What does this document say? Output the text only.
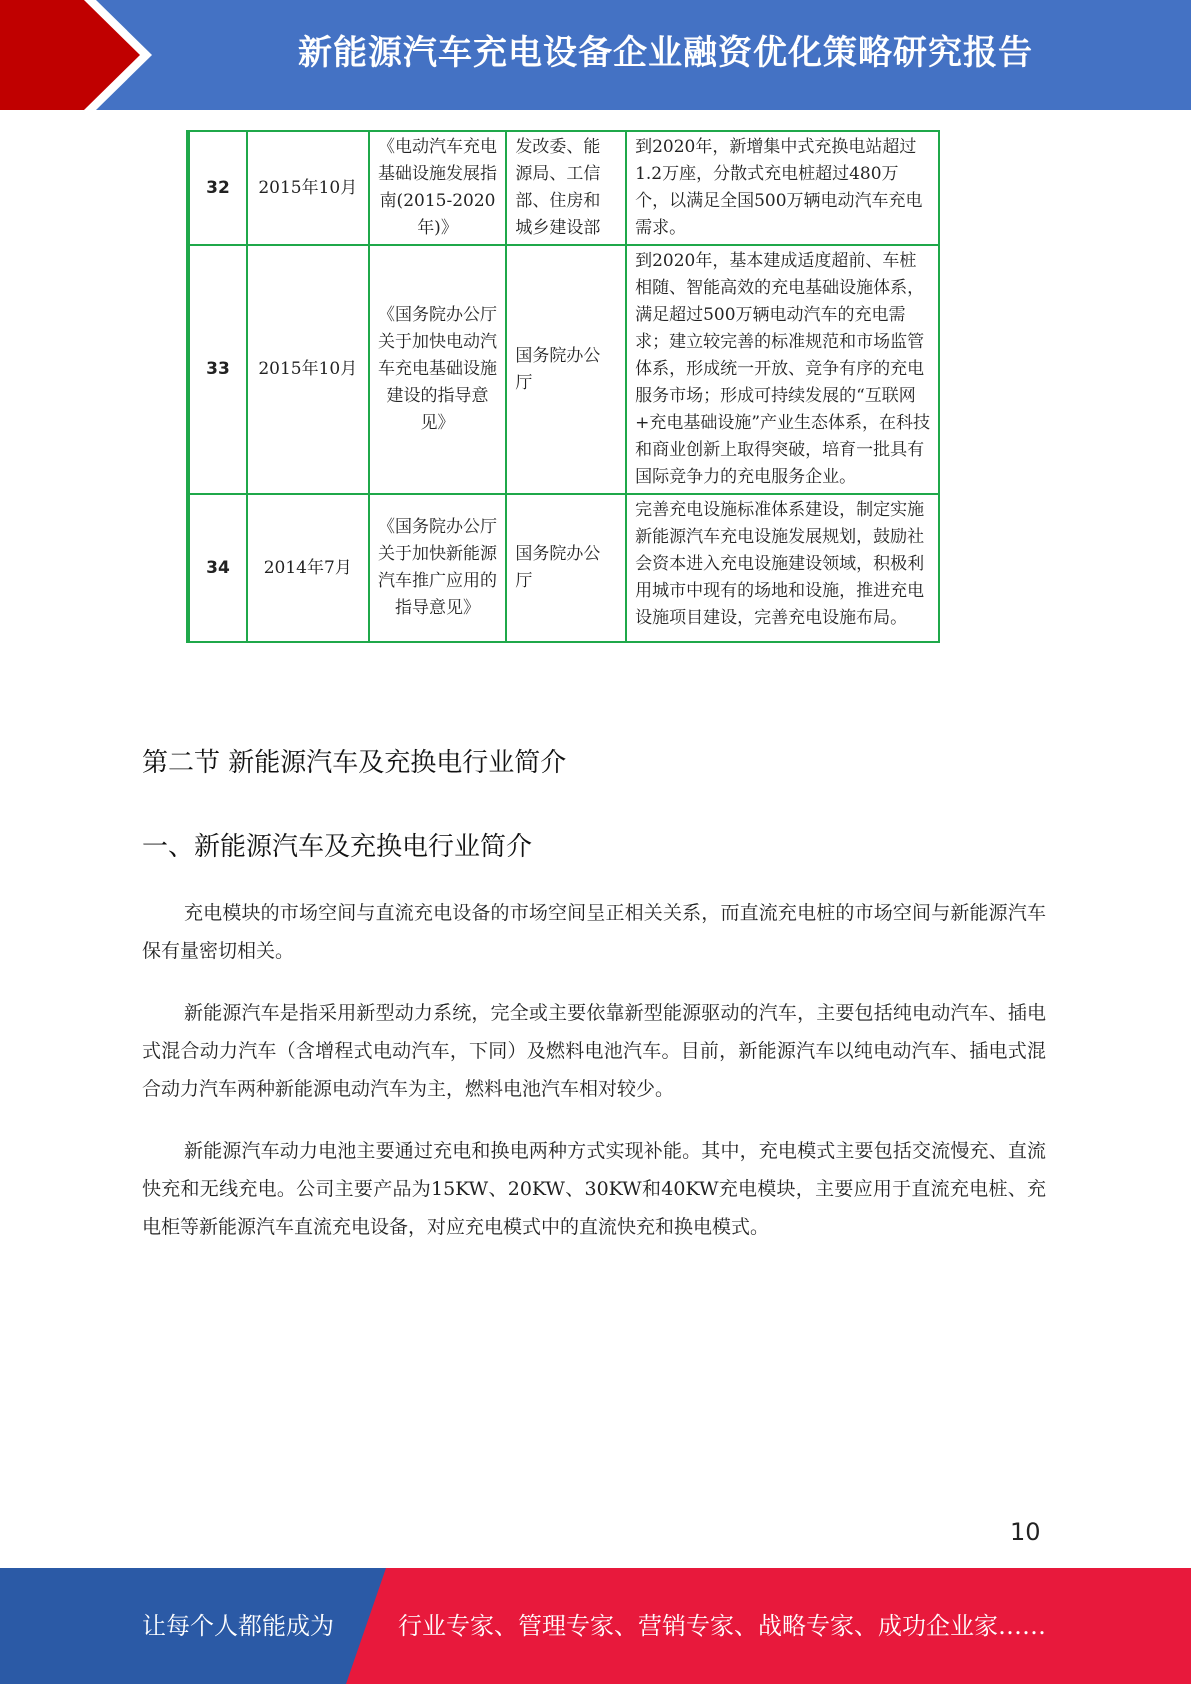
新能源汽车充电设备企业融资优化策略研究报告
32	2015年10月	《电动汽车充电基础设施发展指南(2015-2020年)》	发改委、能源局、工信部、住房和城乡建设部	到2020年，新增集中式充换电站超过1.2万座，分散式充电桩超过480万个，以满足全国500万辆电动汽车充电需求。
33	2015年10月	《国务院办公厅关于加快电动汽车充电基础设施建设的指导意见》	国务院办公厅	到2020年，基本建成适度超前、车桩相随、智能高效的充电基础设施体系，满足超过500万辆电动汽车的充电需求；建立较完善的标准规范和市场监管体系，形成统一开放、竞争有序的充电服务市场；形成可持续发展的“互联网+充电基础设施”产业生态体系，在科技和商业创新上取得突破，培育一批具有国际竞争力的充电服务企业。
34	2014年7月	《国务院办公厅关于加快新能源汽车推广应用的指导意见》	国务院办公厅	完善充电设施标准体系建设，制定实施新能源汽车充电设施发展规划，鼓励社会资本进入充电设施建设领域，积极利用城市中现有的场地和设施，推进充电设施项目建设，完善充电设施布局。
第二节 新能源汽车及充换电行业简介
一、新能源汽车及充换电行业简介

充电模块的市场空间与直流充电设备的市场空间呈正相关关系，而直流充电桩的市场空间与新能源汽车保有量密切相关。

新能源汽车是指采用新型动力系统，完全或主要依靠新型能源驱动的汽车，主要包括纯电动汽车、插电式混合动力汽车（含增程式电动汽车，下同）及燃料电池汽车。目前，新能源汽车以纯电动汽车、插电式混合动力汽车两种新能源电动汽车为主，燃料电池汽车相对较少。

新能源汽车动力电池主要通过充电和换电两种方式实现补能。其中，充电模式主要包括交流慢充、直流快充和无线充电。公司主要产品为15KW、20KW、30KW和40KW充电模块，主要应用于直流充电桩、充电柜等新能源汽车直流充电设备，对应充电模式中的直流快充和换电模式。

10
让每个人都能成为	行业专家、管理专家、营销专家、战略专家、成功企业家……
